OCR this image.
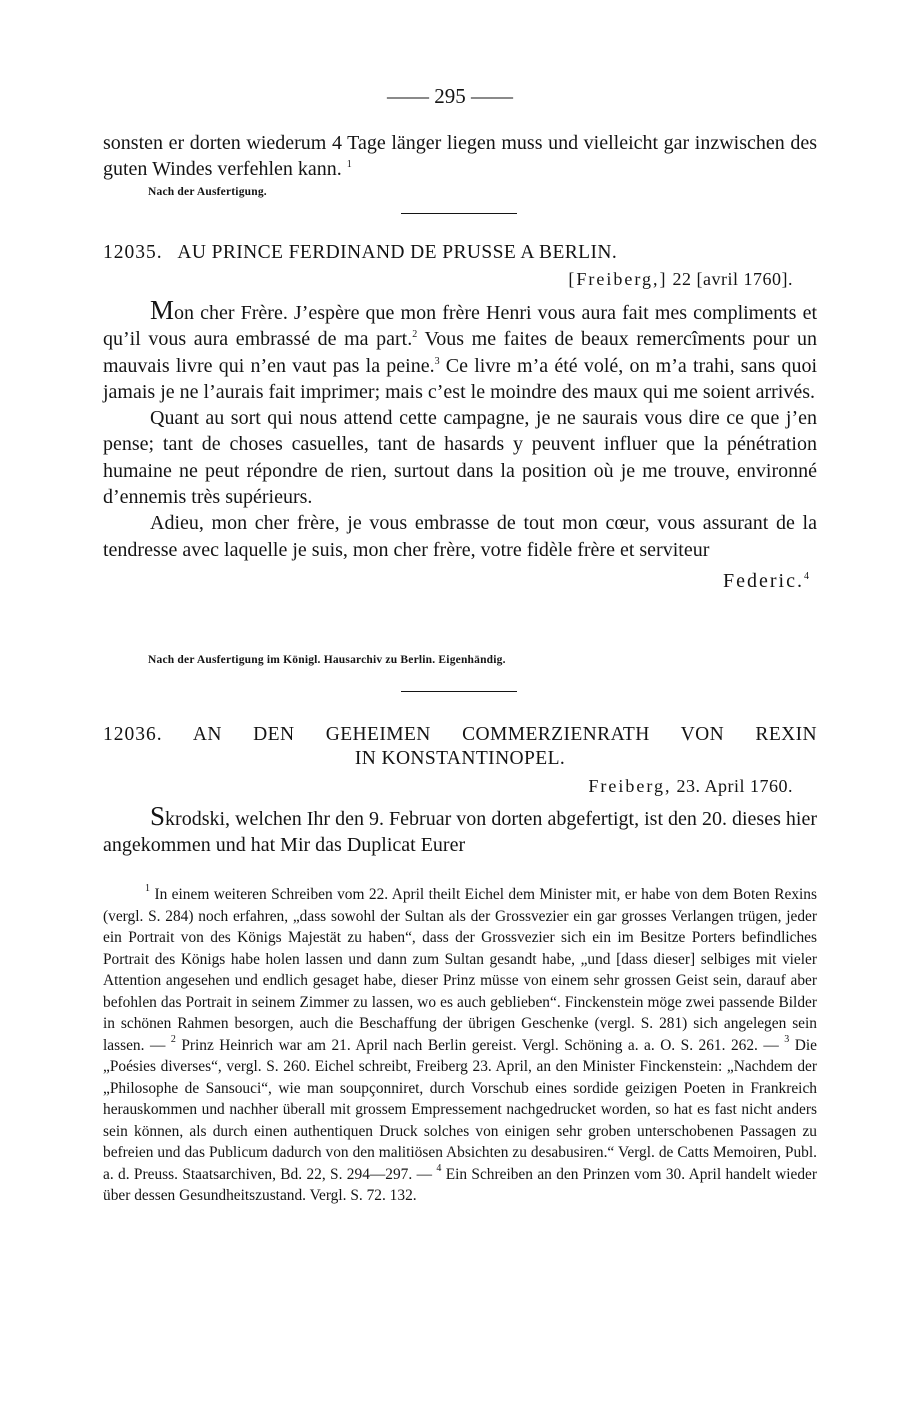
—— 295 ——

sonsten er dorten wiederum 4 Tage länger liegen muss und vielleicht gar inzwischen des guten Windes verfehlen kann. $^1$

Nach der Ausfertigung.

12035. AU PRINCE FERDINAND DE PRUSSE A BERLIN.

[Freiberg,] 22 [avril 1760].

Mon cher Frère. J’espère que mon frère Henri vous aura fait mes compliments et qu’il vous aura embrassé de ma part.$^2$ Vous me faites de beaux remercîments pour un mauvais livre qui n’en vaut pas la peine.$^3$ Ce livre m’a été volé, on m’a trahi, sans quoi jamais je ne l’aurais fait imprimer; mais c’est le moindre des maux qui me soient arrivés.

Quant au sort qui nous attend cette campagne, je ne saurais vous dire ce que j’en pense; tant de choses casuelles, tant de hasards y peuvent influer que la pénétration humaine ne peut répondre de rien, surtout dans la position où je me trouve, environné d’ennemis très supérieurs.

Adieu, mon cher frère, je vous embrasse de tout mon cœur, vous assurant de la tendresse avec laquelle je suis, mon cher frère, votre fidèle frère et serviteur
Federic.$^4$

Nach der Ausfertigung im Königl. Hausarchiv zu Berlin. Eigenhändig.

12036. AN DEN GEHEIMEN COMMERZIENRATH VON REXIN

IN KONSTANTINOPEL.

Freiberg, 23. April 1760.

Skrodski, welchen Ihr den 9. Februar von dorten abgefertigt, ist den 20. dieses hier angekommen und hat Mir das Duplicat Eurer

$^1$ In einem weiteren Schreiben vom 22. April theilt Eichel dem Minister mit, er habe von dem Boten Rexins (vergl. S. 284) noch erfahren, „dass sowohl der Sultan als der Grossvezier ein gar grosses Verlangen trügen, jeder ein Portrait von des Königs Majestät zu haben“, dass der Grossvezier sich ein im Besitze Porters befindliches Portrait des Königs habe holen lassen und dann zum Sultan gesandt habe, „und [dass dieser] selbiges mit vieler Attention angesehen und endlich gesaget habe, dieser Prinz müsse von einem sehr grossen Geist sein, darauf aber befohlen das Portrait in seinem Zimmer zu lassen, wo es auch geblieben“. Finckenstein möge zwei passende Bilder in schönen Rahmen besorgen, auch die Beschaffung der übrigen Geschenke (vergl. S. 281) sich angelegen sein lassen. — $^2$ Prinz Heinrich war am 21. April nach Berlin gereist. Vergl. Schöning a. a. O. S. 261. 262. — $^3$ Die „Poésies diverses“, vergl. S. 260. Eichel schreibt, Freiberg 23. April, an den Minister Finckenstein: „Nachdem der „Philosophe de Sansouci“, wie man soupçonniret, durch Vorschub eines sordide geizigen Poeten in Frankreich herauskommen und nachher überall mit grossem Empressement nachgedrucket worden, so hat es fast nicht anders sein können, als durch einen authentiquen Druck solches von einigen sehr groben unterschobenen Passagen zu befreien und das Publicum dadurch von den malitiösen Absichten zu desabusiren.“ Vergl. de Catts Memoiren, Publ. a. d. Preuss. Staatsarchiven, Bd. 22, S. 294—297. — $^4$ Ein Schreiben an den Prinzen vom 30. April handelt wieder über dessen Gesundheitszustand. Vergl. S. 72. 132.
